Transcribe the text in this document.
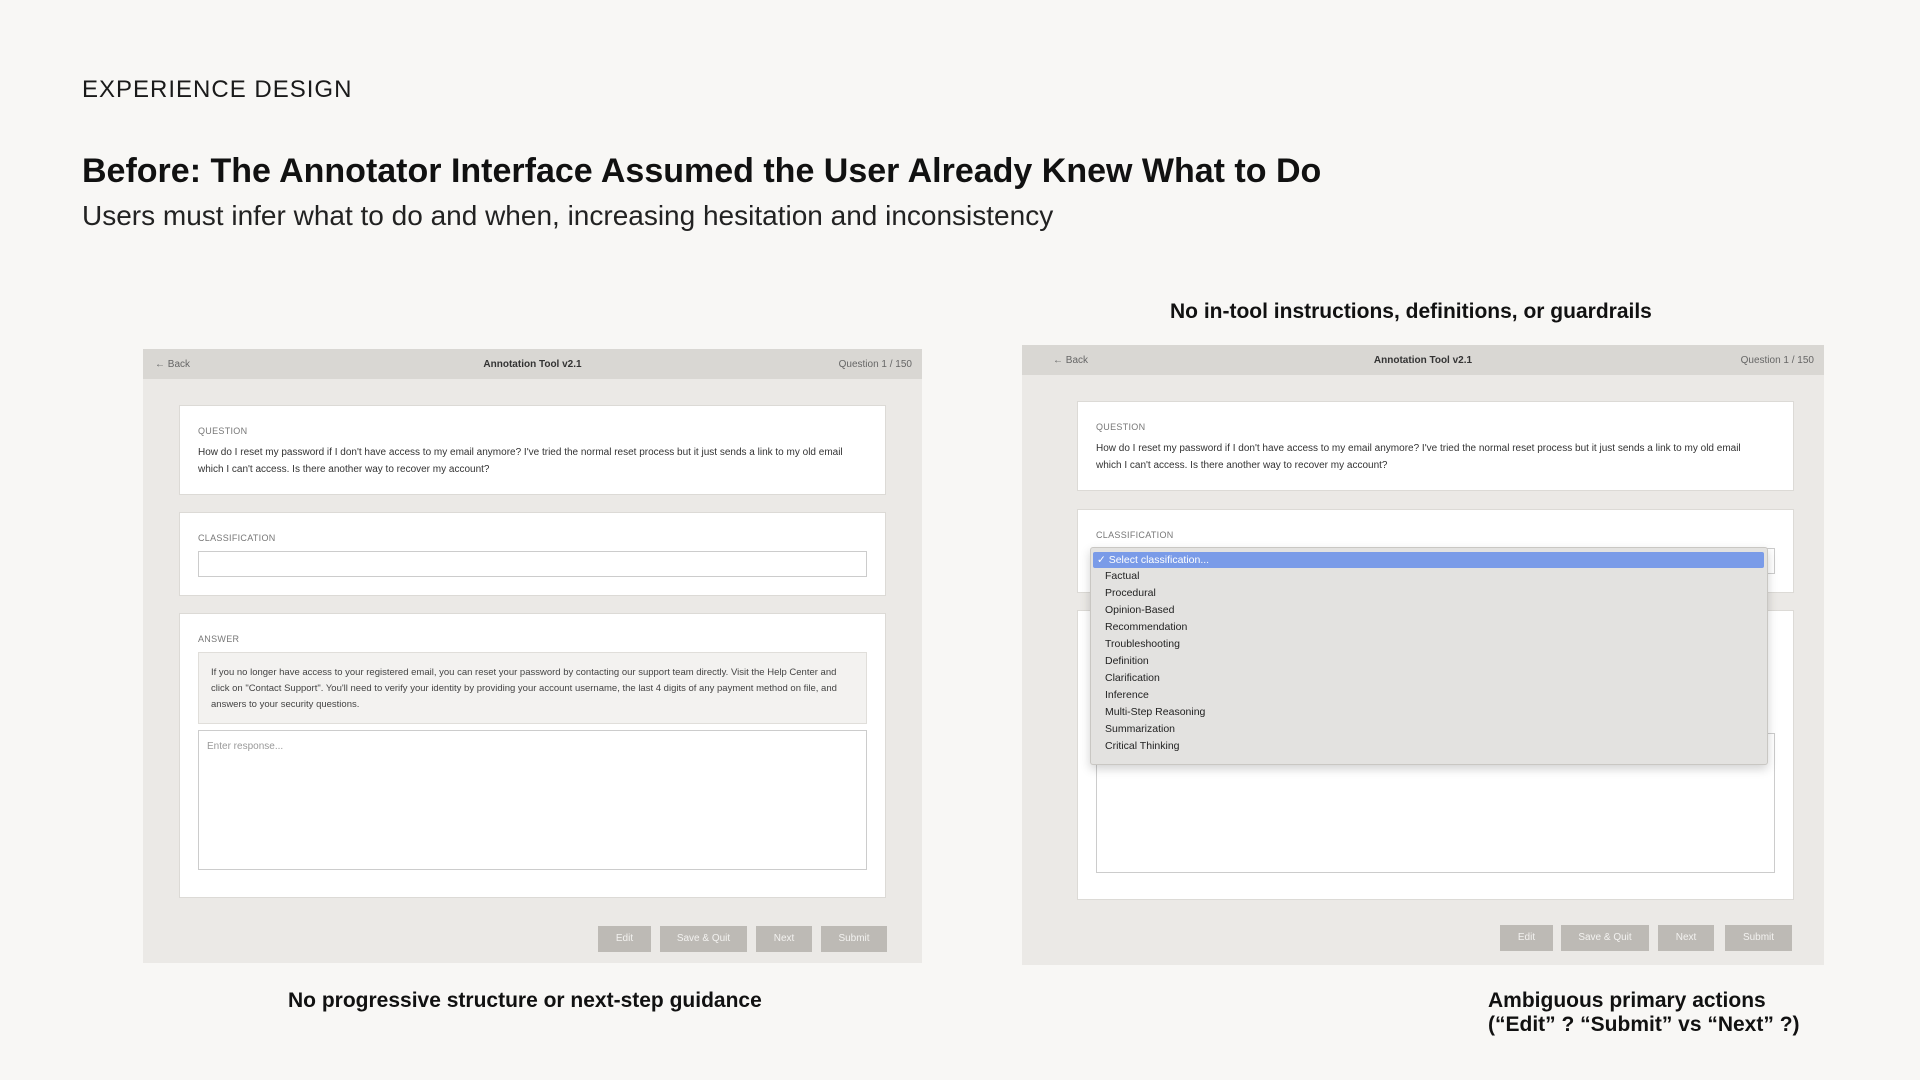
EXPERIENCE DESIGN
Before: The Annotator Interface Assumed the User Already Knew What to Do
Users must infer what to do and when, increasing hesitation and inconsistency
No in-tool instructions, definitions, or guardrails
No progressive structure or next-step guidance	Ambiguous primary actions
(“Edit” ? “Submit” vs “Next” ?)
← Back	Annotation Tool v2.1	Question 1 / 150
QUESTION
How do I reset my password if I don't have access to my email anymore? I've tried the normal reset process but it just sends a link to my old email which I can't access. Is there another way to recover my account?
CLASSIFICATION
ANSWER
If you no longer have access to your registered email, you can reset your password by contacting our support team directly. Visit the Help Center and click on "Contact Support". You'll need to verify your identity by providing your account username, the last 4 digits of any payment method on file, and answers to your security questions.
Enter response...
Edit	Save & Quit	Next	Submit
← Back	Annotation Tool v2.1	Question 1 / 150
QUESTION
How do I reset my password if I don't have access to my email anymore? I've tried the normal reset process but it just sends a link to my old email which I can't access. Is there another way to recover my account?
CLASSIFICATION
✓ Select classification...
Factual
Procedural
Opinion-Based
Recommendation
Troubleshooting
Definition
Clarification
Inference
Multi-Step Reasoning
Summarization
Critical Thinking
Edit	Save & Quit	Next	Submit
